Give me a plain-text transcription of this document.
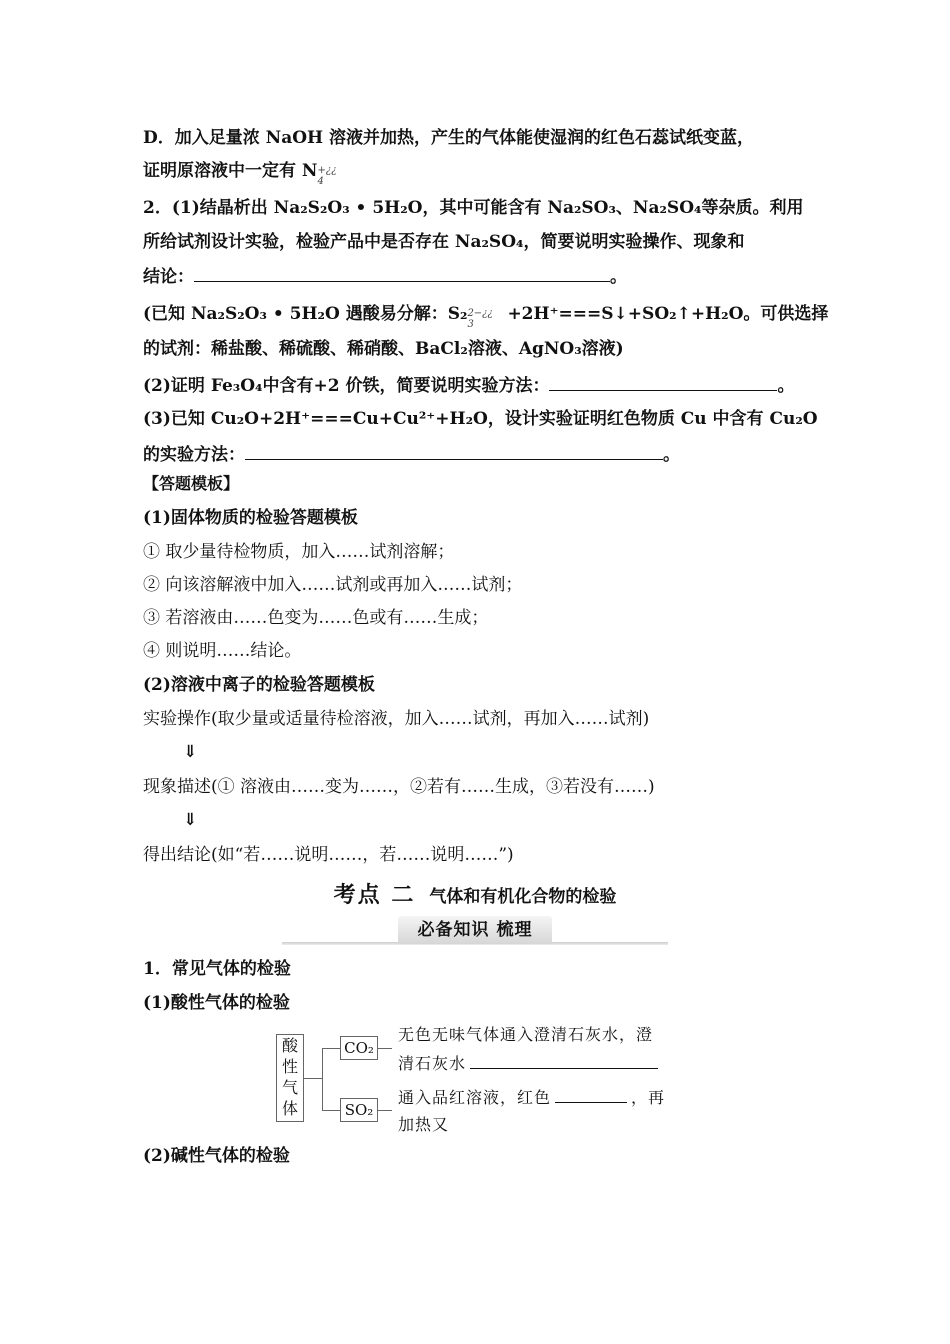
D．加入足量浓 NaOH 溶液并加热，产生的气体能使湿润的红色石蕊试纸变蓝，
证明原溶液中一定有 N +¿¿
4
2．(1)结晶析出 Na₂S₂O₃ • 5H₂O，其中可能含有 Na₂SO₃、Na₂SO₄等杂质。利用
所给试剂设计实验，检验产品中是否存在 Na₂SO₄，简要说明实验操作、现象和
结论：	。
(已知 Na₂S₂O₃ • 5H₂O 遇酸易分解：S₂ 2−¿¿
3
+2H⁺===S↓+SO₂↑+H₂O。可供选择
的试剂：稀盐酸、稀硫酸、稀硝酸、BaCl₂溶液、AgNO₃溶液)
(2)证明 Fe₃O₄中含有+2 价铁，简要说明实验方法：	。
(3)已知 Cu₂O+2H⁺===Cu+Cu²⁺+H₂O，设计实验证明红色物质 Cu 中含有 Cu₂O
的实验方法：	。
【答题模板】
(1)固体物质的检验答题模板
① 取少量待检物质，加入……试剂溶解；
② 向该溶解液中加入……试剂或再加入……试剂；
③ 若溶液由……色变为……色或有……生成；
④ 则说明……结论。
(2)溶液中离子的检验答题模板
实验操作(取少量或适量待检溶液，加入……试剂，再加入……试剂)
⇓
现象描述(① 溶液由……变为……，②若有……生成，③若没有……)
⇓
得出结论(如“若……说明……，若……说明……”)
考点 二 气体和有机化合物的检验
必备知识 梳理
1．常见气体的检验
(1)酸性气体的检验
酸
性
气
体
CO₂
无色无味气体通入澄清石灰水，澄
清石灰水
SO₂
通入品红溶液，红色	，再
加热又
(2)碱性气体的检验
